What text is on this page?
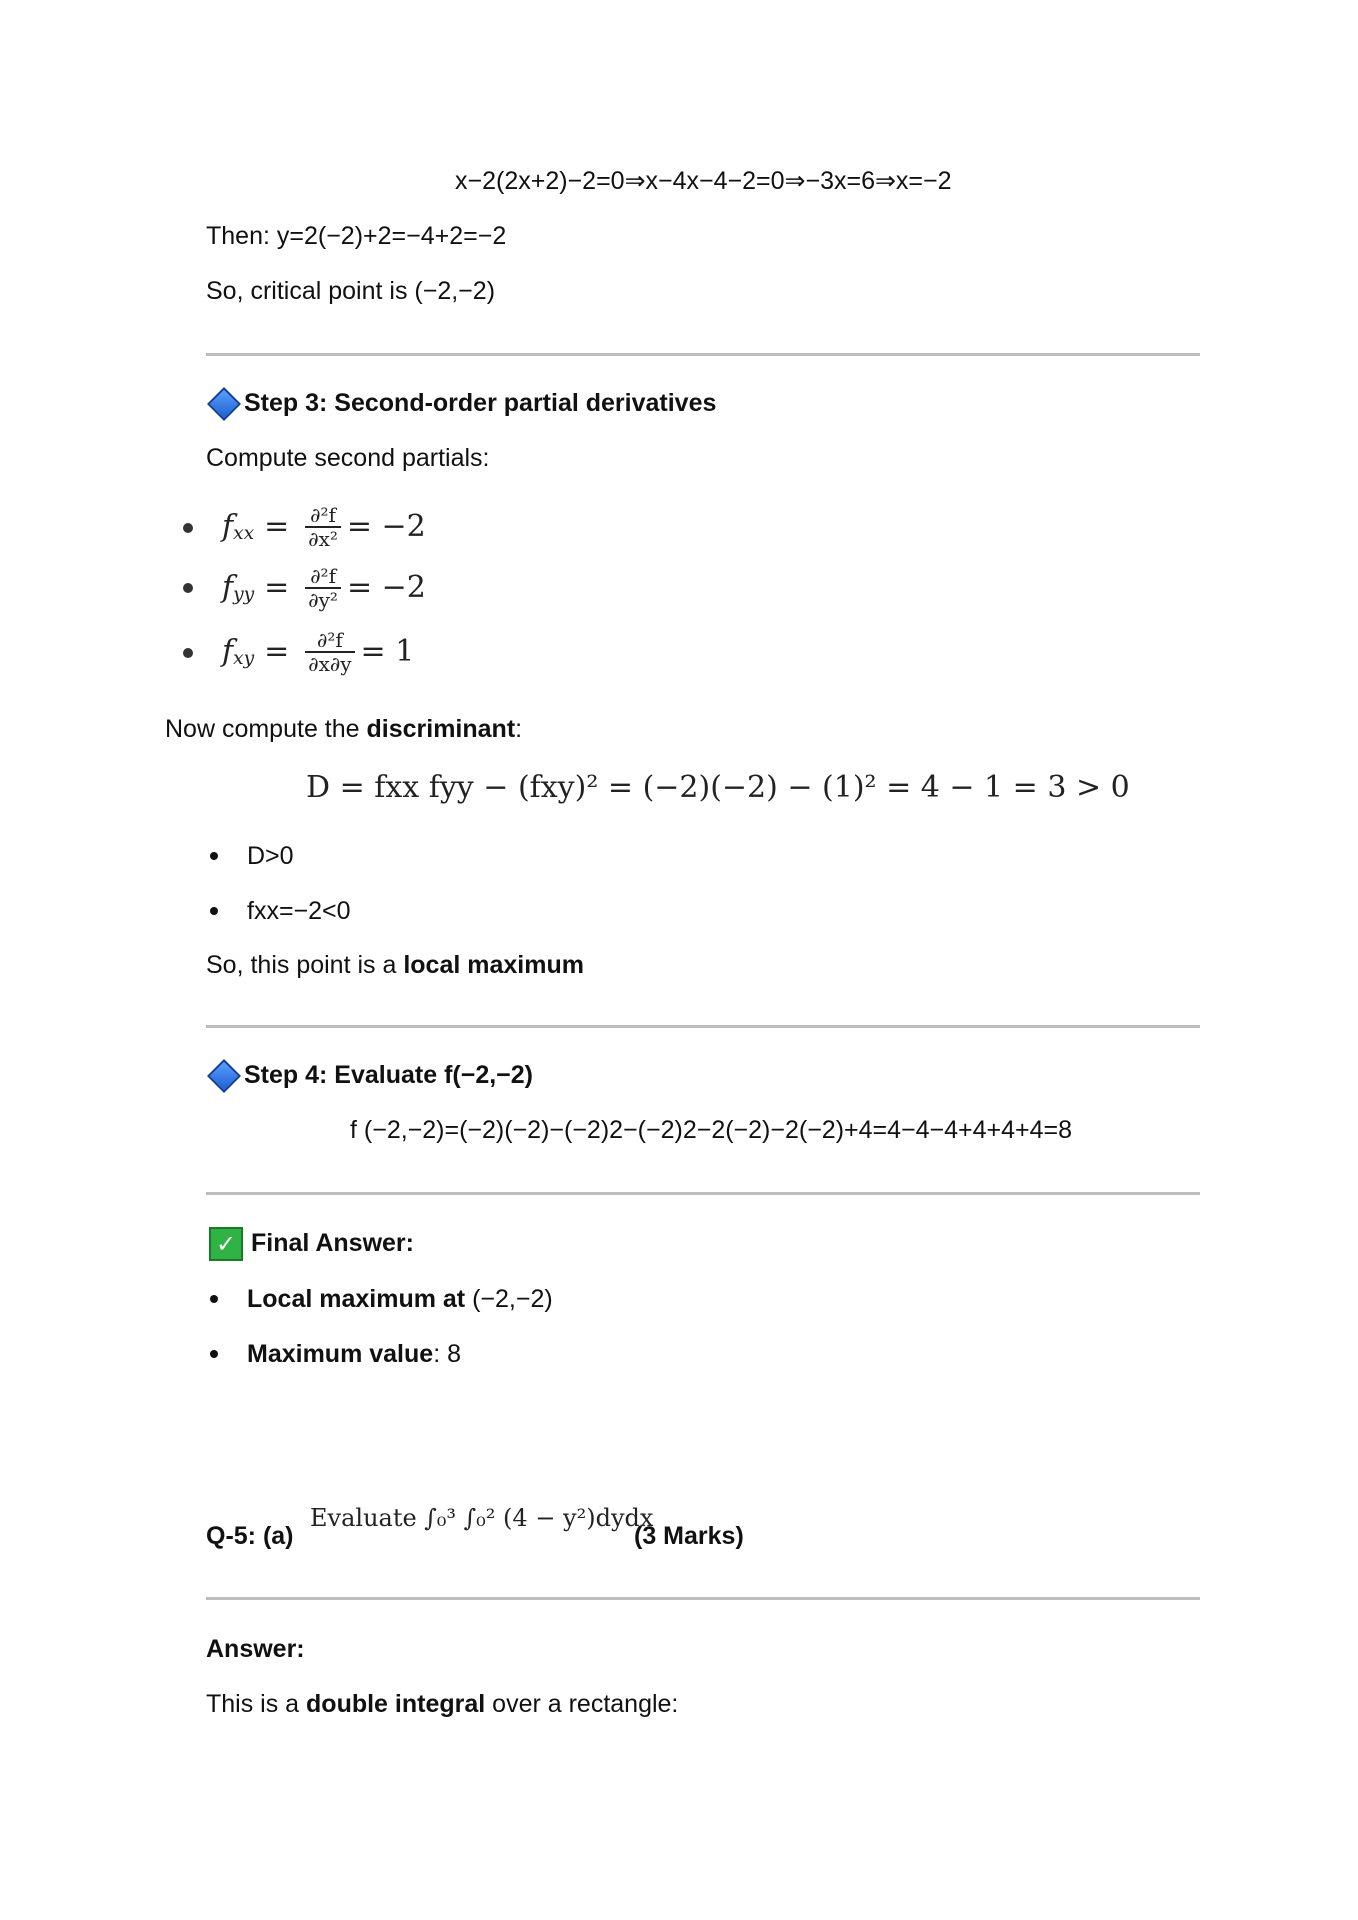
x−2(2x+2)−2=0⇒x−4x−4−2=0⇒−3x=6⇒x=−2
Then: y=2(−2)+2=−4+2=−2
So, critical point is (−2,−2)
Step 3: Second-order partial derivatives
Compute second partials:
f $_{xx} = \frac{\text{∂²f}}{\text{∂x²}} = -2$
f $_{yy} = \frac{\text{∂²f}}{\text{∂y²}} = -2$
f $_{xy} = \frac{\text{∂²f}}{\partial x\partial y} = 1$
Now compute the discriminant:
D = fxx fyy − (fxy)² = (−2)(−2) − (1)² = 4 − 1 = 3 > 0
D>0
fxx=−2<0
So, this point is a local maximum
Step 4: Evaluate f(−2,−2)
f (−2,−2)=(−2)(−2)−(−2)2−(−2)2−2(−2)−2(−2)+4=4−4−4+4+4+4=8
✓ Final Answer:
Local maximum at (−2,−2)
Maximum value: 8
Q-5: (a)
Evaluate ∫₀³ ∫₀² (4 − y²)dydx
(3 Marks)
Answer:
This is a double integral over a rectangle:
